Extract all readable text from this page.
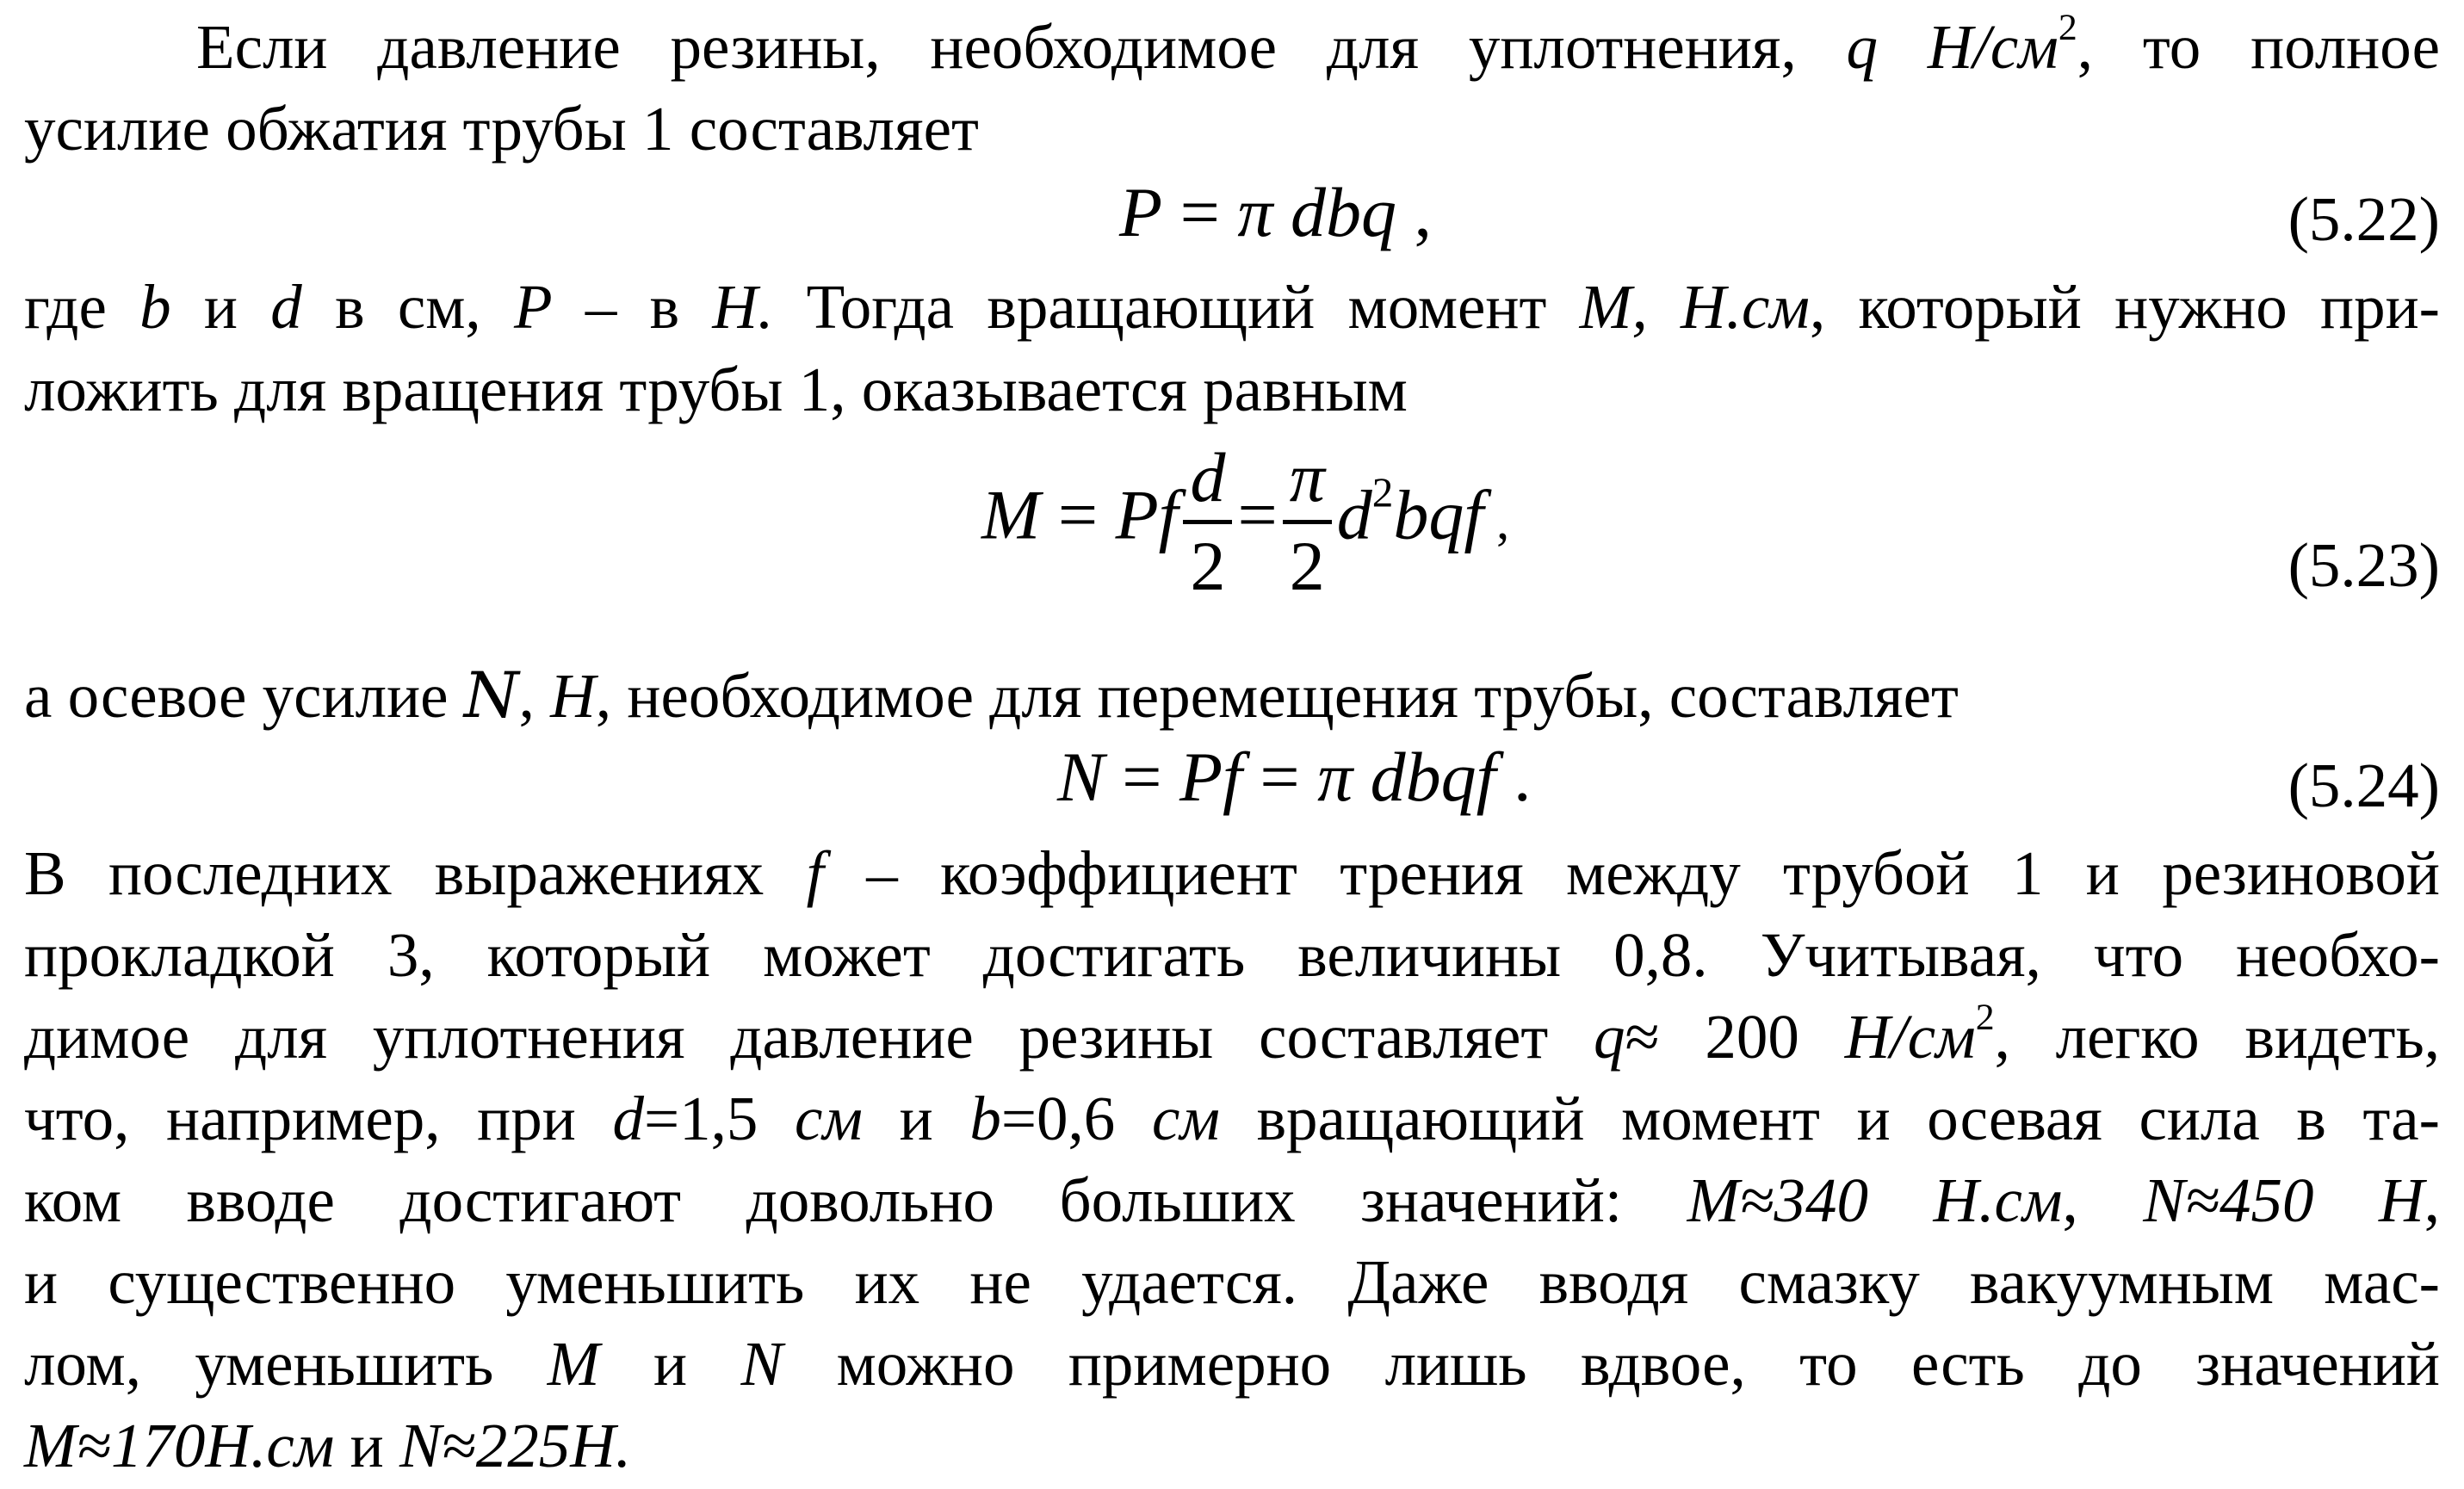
Если давление резины, необходимое для уплотнения, q $Н/см^2$, то полное
усилие обжатия трубы 1 составляет
P = π dbq ,	(5.22)
где b и d в см, P – в Н. Тогда вращающий момент М, Н.см, который нужно при-
ложить для вращения трубы 1, оказывается равным
M = Pf $\frac{d}{2} = \frac{\pi}{2} d^2bqf$ ,
(5.23)
а осевое усилие N, Н, необходимое для перемещения трубы, составляет
N = Pf = π dbqf .	(5.24)
В последних выражениях f – коэффициент трения между трубой 1 и резиновой
прокладкой 3, который может достигать величины 0,8. Учитывая, что необхо-
димое для уплотнения давление резины составляет q≈ 200 $Н/см^2$, легко видеть,
что, например, при d=1,5 см и b=0,6 см вращающий момент и осевая сила в та-
ком вводе достигают довольно больших значений: М≈340 Н.см, N≈450 Н,
и существенно уменьшить их не удается. Даже вводя смазку вакуумным мас-
лом, уменьшить М и N можно примерно лишь вдвое, то есть до значений
М≈170Н.см и N≈225Н.
